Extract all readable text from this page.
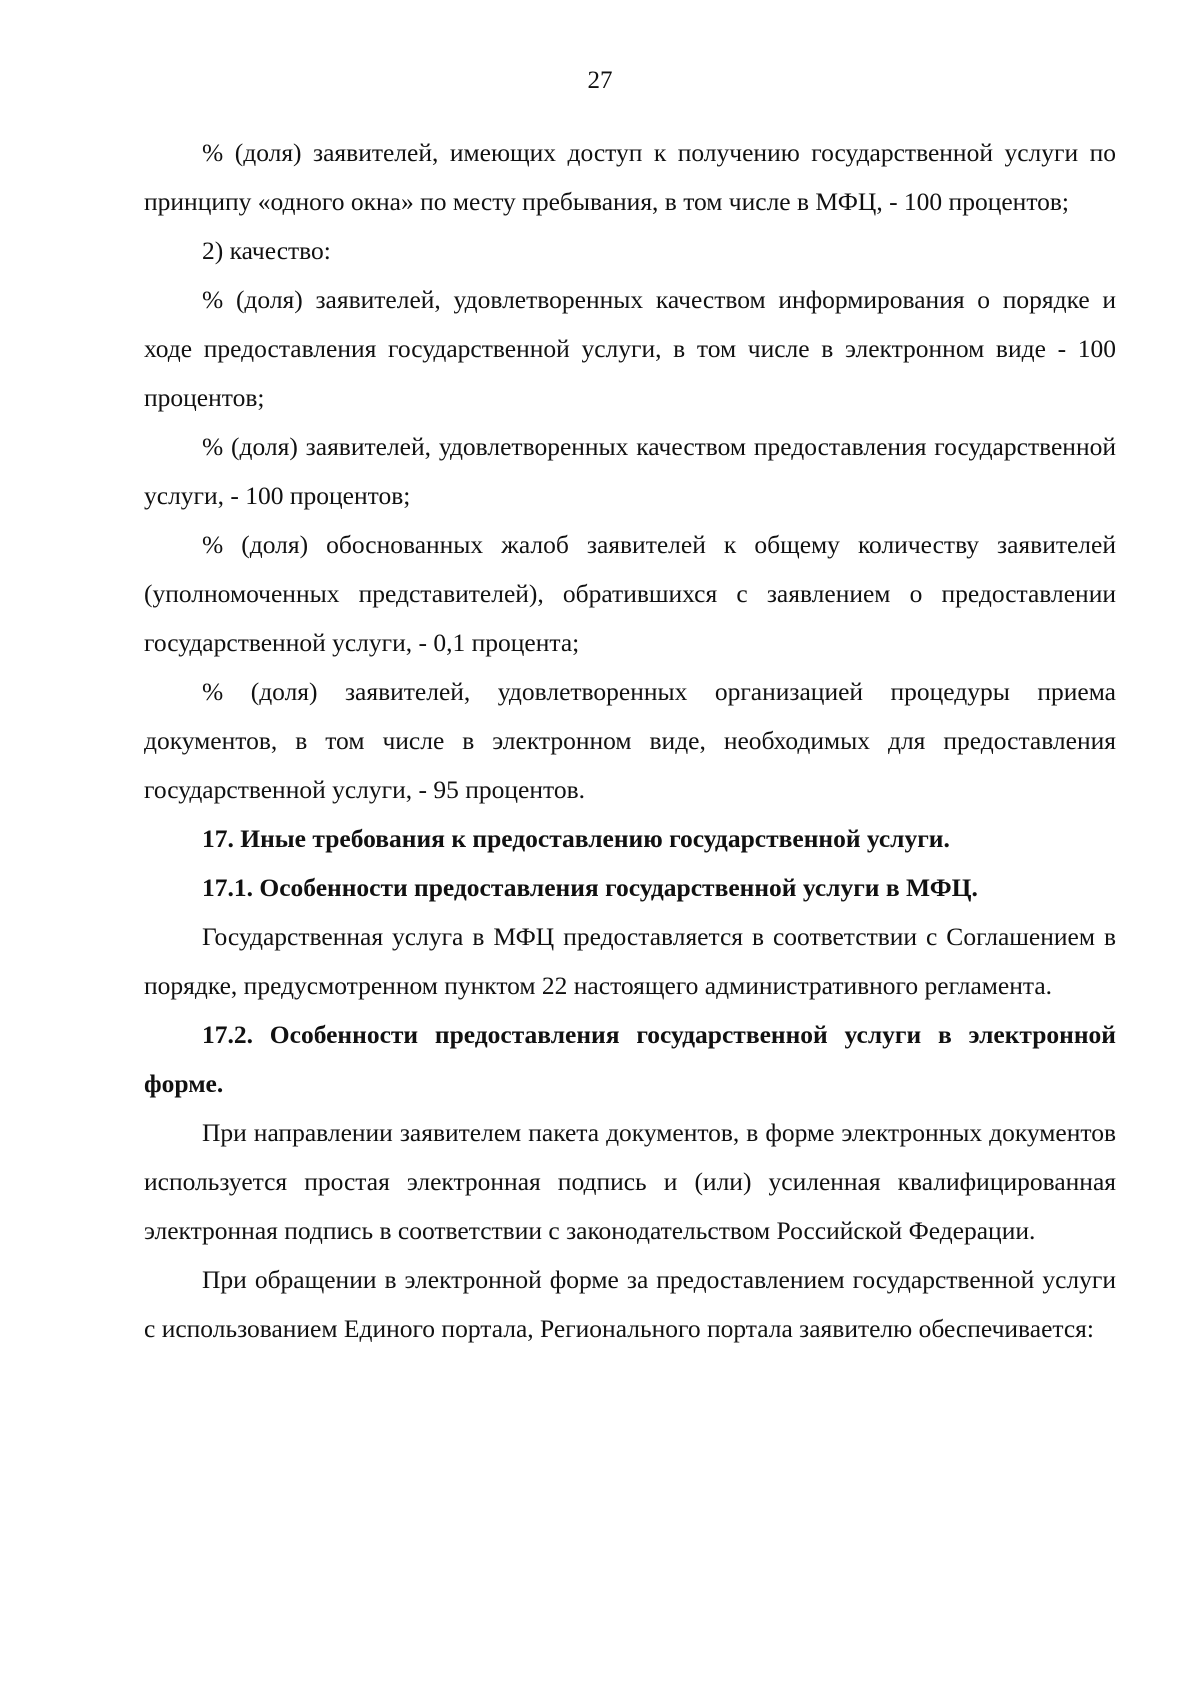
27

% (доля) заявителей, имеющих доступ к получению государственной услуги по принципу «одного окна» по месту пребывания, в том числе в МФЦ, - 100 процентов;

2) качество:

% (доля) заявителей, удовлетворенных качеством информирования о порядке и ходе предоставления государственной услуги, в том числе в электронном виде - 100 процентов;

% (доля) заявителей, удовлетворенных качеством предоставления государственной услуги, - 100 процентов;

% (доля) обоснованных жалоб заявителей к общему количеству заявителей (уполномоченных представителей), обратившихся с заявлением о предоставлении государственной услуги, - 0,1 процента;

% (доля) заявителей, удовлетворенных организацией процедуры приема документов, в том числе в электронном виде, необходимых для предоставления государственной услуги, - 95 процентов.

17. Иные требования к предоставлению государственной услуги.

17.1. Особенности предоставления государственной услуги в МФЦ.

Государственная услуга в МФЦ предоставляется в соответствии с Соглашением в порядке, предусмотренном пунктом 22 настоящего административного регламента.

17.2. Особенности предоставления государственной услуги в электронной форме.

При направлении заявителем пакета документов, в форме электронных документов используется простая электронная подпись и (или) усиленная квалифицированная электронная подпись в соответствии с законодательством Российской Федерации.

При обращении в электронной форме за предоставлением государственной услуги с использованием Единого портала, Регионального портала заявителю обеспечивается:
